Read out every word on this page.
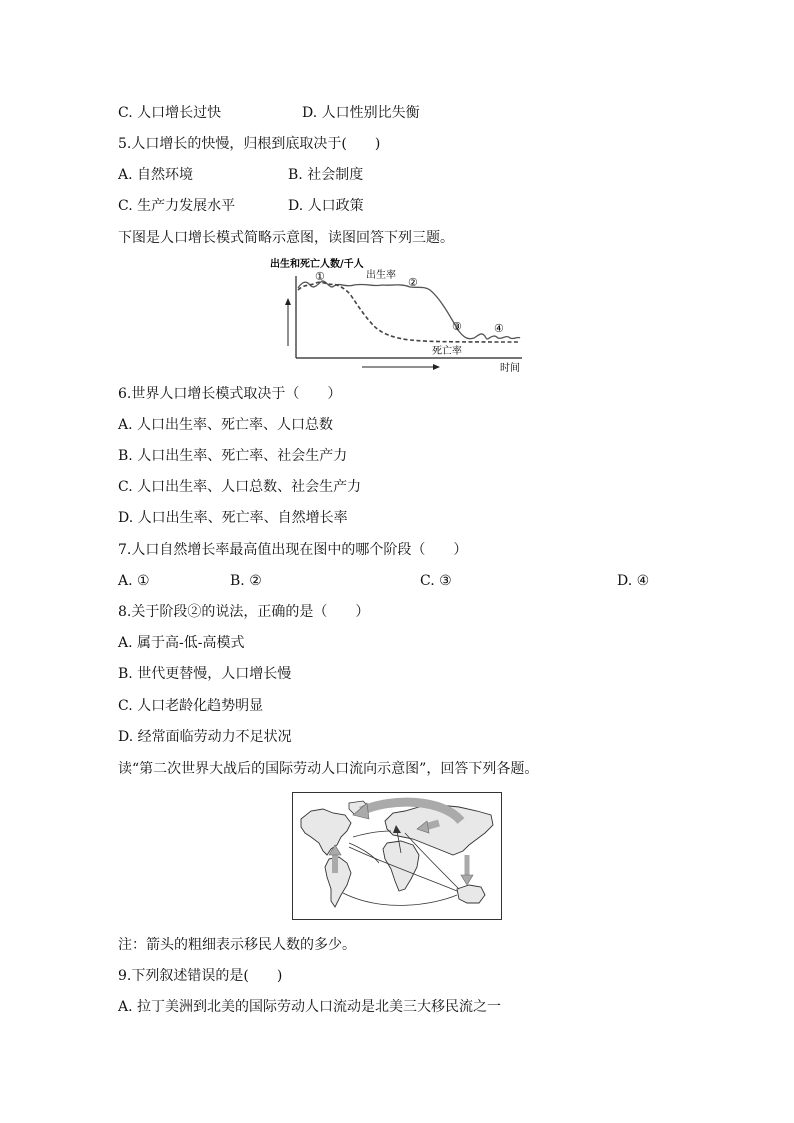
C. 人口增长过快	D. 人口性别比失衡
5.人口增长的快慢，归根到底取决于(　　)
A. 自然环境	B. 社会制度
C. 生产力发展水平	D. 人口政策
下图是人口增长模式简略示意图，读图回答下列三题。
出生和死亡人数/千人
①	出生率
②
③	④
死亡率
时间
6.世界人口增长模式取决于（　　）
A. 人口出生率、死亡率、人口总数
B. 人口出生率、死亡率、社会生产力
C. 人口出生率、人口总数、社会生产力
D. 人口出生率、死亡率、自然增长率
7.人口自然增长率最高值出现在图中的哪个阶段（　　）
A. ①	B. ②	C. ③	D. ④
8.关于阶段②的说法，正确的是（　　）
A. 属于高-低-高模式
B. 世代更替慢，人口增长慢
C. 人口老龄化趋势明显
D. 经常面临劳动力不足状况
读“第二次世界大战后的国际劳动人口流向示意图”，回答下列各题。
注：箭头的粗细表示移民人数的多少。
9.下列叙述错误的是(　　)
A. 拉丁美洲到北美的国际劳动人口流动是北美三大移民流之一
